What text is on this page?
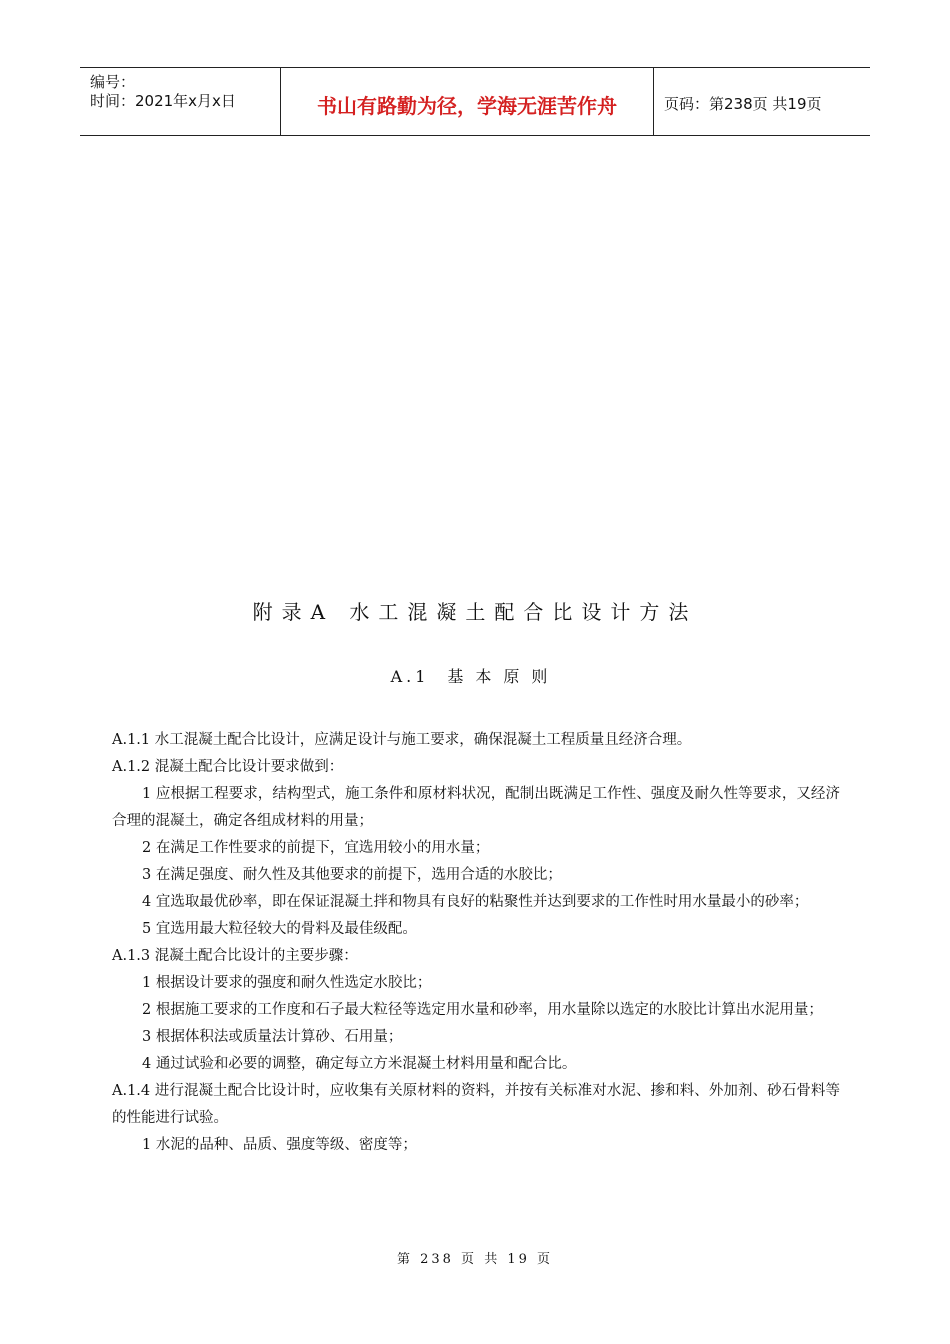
编号：
时间：2021年x月x日	书山有路勤为径，学海无涯苦作舟	页码：第238页 共19页
附录A 水工混凝土配合比设计方法
A.1 基本原则

A.1.1 水工混凝土配合比设计，应满足设计与施工要求，确保混凝土工程质量且经济合理。

A.1.2 混凝土配合比设计要求做到：

1 应根据工程要求，结构型式，施工条件和原材料状况，配制出既满足工作性、强度及耐久性等要求，又经济合理的混凝土，确定各组成材料的用量；

2 在满足工作性要求的前提下，宜选用较小的用水量；

3 在满足强度、耐久性及其他要求的前提下，选用合适的水胶比；

4 宜选取最优砂率，即在保证混凝土拌和物具有良好的粘聚性并达到要求的工作性时用水量最小的砂率；

5 宜选用最大粒径较大的骨料及最佳级配。

A.1.3 混凝土配合比设计的主要步骤：

1 根据设计要求的强度和耐久性选定水胶比；

2 根据施工要求的工作度和石子最大粒径等选定用水量和砂率，用水量除以选定的水胶比计算出水泥用量；

3 根据体积法或质量法计算砂、石用量；

4 通过试验和必要的调整，确定每立方米混凝土材料用量和配合比。

A.1.4 进行混凝土配合比设计时，应收集有关原材料的资料，并按有关标准对水泥、掺和料、外加剂、砂石骨料等的性能进行试验。

1 水泥的品种、品质、强度等级、密度等；

第 238 页 共 19 页
